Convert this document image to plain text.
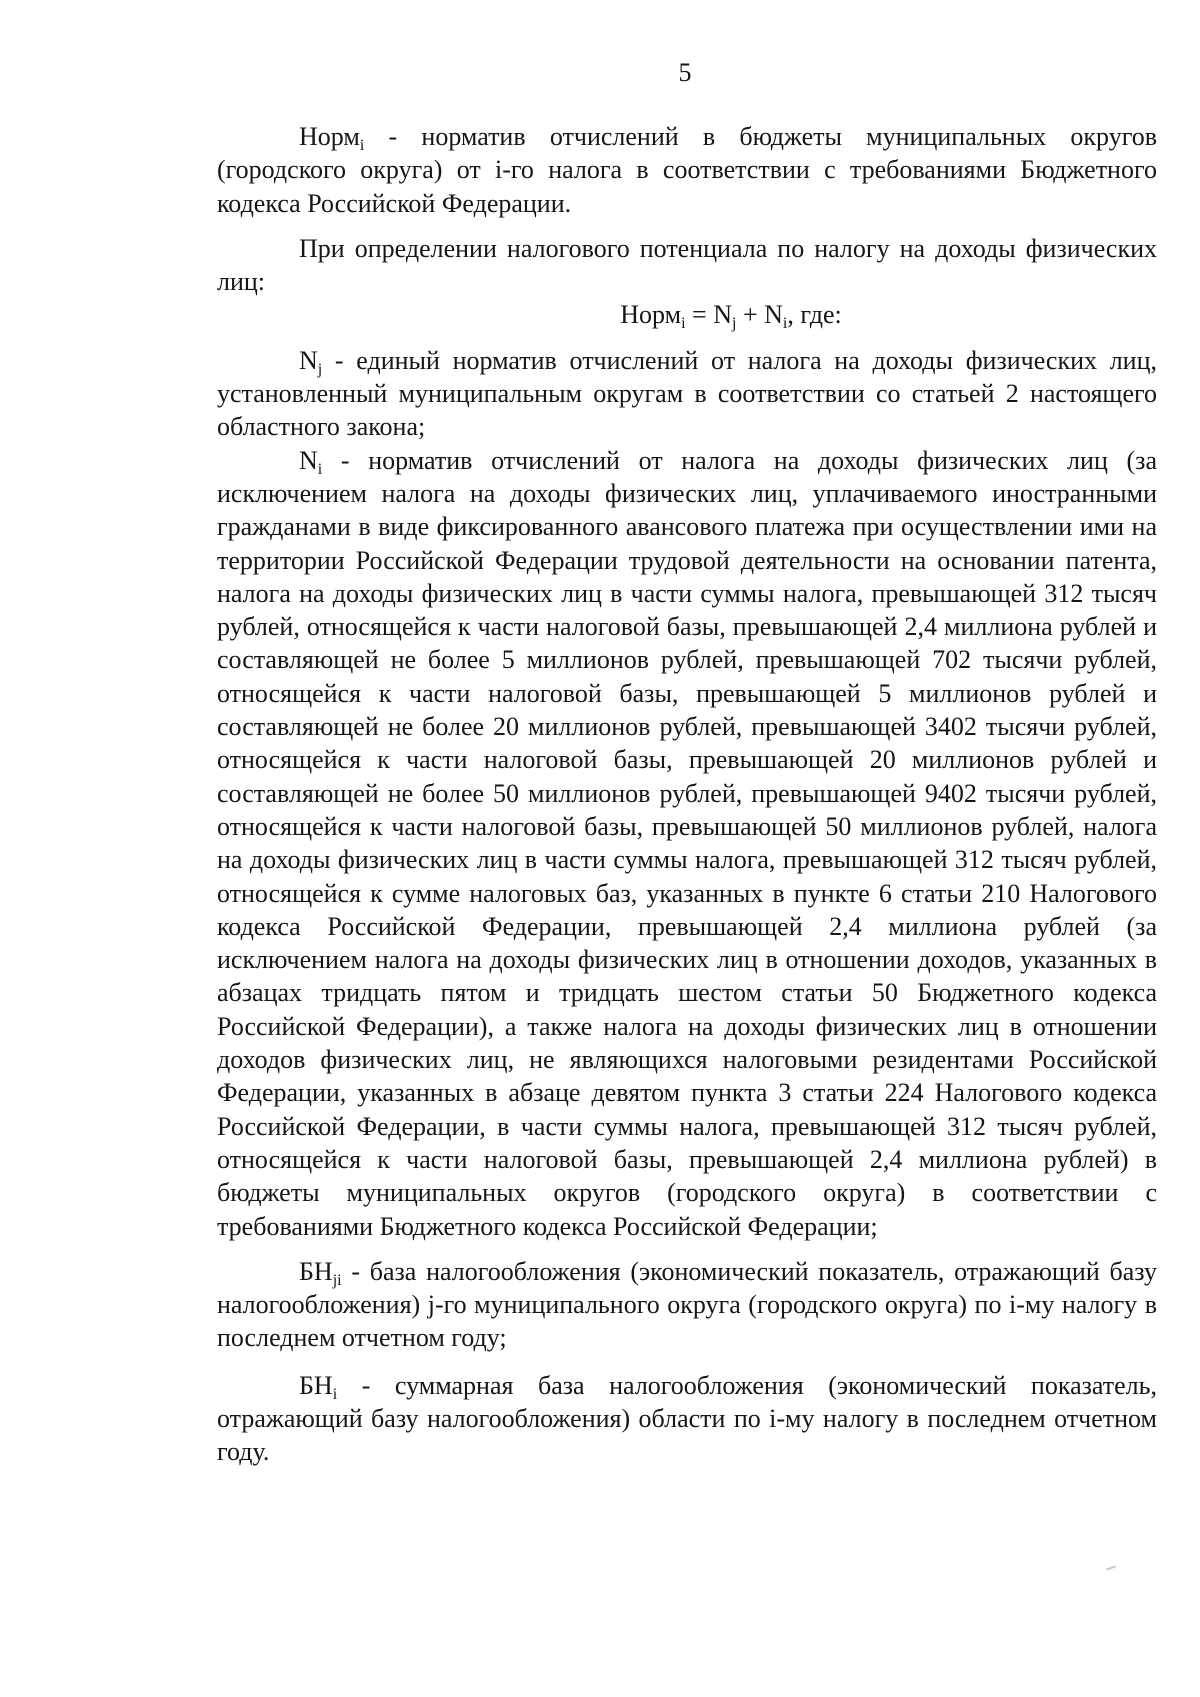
5

Норм$_i$ - норматив отчислений в бюджеты муниципальных округов (городского округа) от i-го налога в соответствии с требованиями Бюджетного кодекса Российской Федерации.

При определении налогового потенциала по налогу на доходы физических лиц:

Норм$_i$ = $N_j + N_i$, где:

$N_j$ - единый норматив отчислений от налога на доходы физических лиц, установленный муниципальным округам в соответствии со статьей 2 настоящего областного закона;

$N_i$ - норматив отчислений от налога на доходы физических лиц (за исключением налога на доходы физических лиц, уплачиваемого иностранными гражданами в виде фиксированного авансового платежа при осуществлении ими на территории Российской Федерации трудовой деятельности на основании патента, налога на доходы физических лиц в части суммы налога, превышающей 312 тысяч рублей, относящейся к части налоговой базы, превышающей 2,4 миллиона рублей и составляющей не более 5 миллионов рублей, превышающей 702 тысячи рублей, относящейся к части налоговой базы, превышающей 5 миллионов рублей и составляющей не более 20 миллионов рублей, превышающей 3402 тысячи рублей, относящейся к части налоговой базы, превышающей 20 миллионов рублей и составляющей не более 50 миллионов рублей, превышающей 9402 тысячи рублей, относящейся к части налоговой базы, превышающей 50 миллионов рублей, налога на доходы физических лиц в части суммы налога, превышающей 312 тысяч рублей, относящейся к сумме налоговых баз, указанных в пункте 6 статьи 210 Налогового кодекса Российской Федерации, превышающей 2,4 миллиона рублей (за исключением налога на доходы физических лиц в отношении доходов, указанных в абзацах тридцать пятом и тридцать шестом статьи 50 Бюджетного кодекса Российской Федерации), а также налога на доходы физических лиц в отношении доходов физических лиц, не являющихся налоговыми резидентами Российской Федерации, указанных в абзаце девятом пункта 3 статьи 224 Налогового кодекса Российской Федерации, в части суммы налога, превышающей 312 тысяч рублей, относящейся к части налоговой базы, превышающей 2,4 миллиона рублей) в бюджеты муниципальных округов (городского округа) в соответствии с требованиями Бюджетного кодекса Российской Федерации;

$БН_{ji}$ - база налогообложения (экономический показатель, отражающий базу налогообложения) j-го муниципального округа (городского округа) по i-му налогу в последнем отчетном году;

$БН_i$ - суммарная база налогообложения (экономический показатель, отражающий базу налогообложения) области по i-му налогу в последнем отчетном году.
